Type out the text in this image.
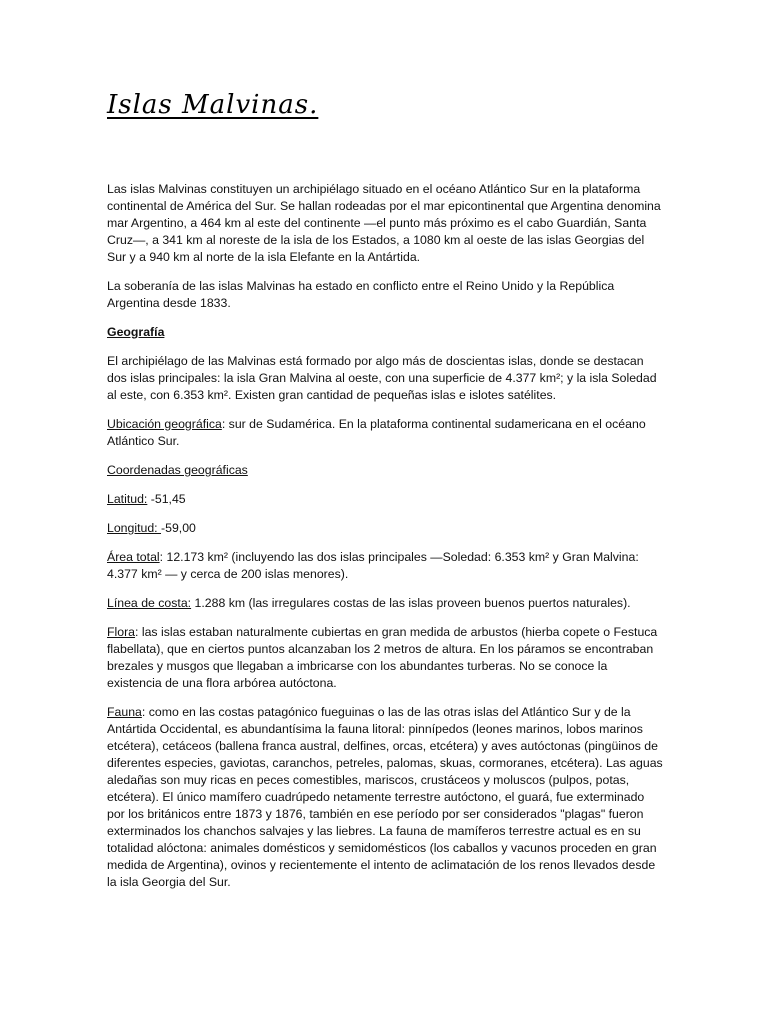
Islas Malvinas.

Las islas Malvinas constituyen un archipiélago situado en el océano Atlántico Sur en la plataforma continental de América del Sur. Se hallan rodeadas por el mar epicontinental que Argentina denomina mar Argentino, a 464 km al este del continente —el punto más próximo es el cabo Guardián, Santa Cruz—, a 341 km al noreste de la isla de los Estados, a 1080 km al oeste de las islas Georgias del Sur y a 940 km al norte de la isla Elefante en la Antártida.

La soberanía de las islas Malvinas ha estado en conflicto entre el Reino Unido y la República Argentina desde 1833.

Geografía

El archipiélago de las Malvinas está formado por algo más de doscientas islas, donde se destacan dos islas principales: la isla Gran Malvina al oeste, con una superficie de 4.377 km²; y la isla Soledad al este, con 6.353 km². Existen gran cantidad de pequeñas islas e islotes satélites.

Ubicación geográfica: sur de Sudamérica. En la plataforma continental sudamericana en el océano Atlántico Sur.

Coordenadas geográficas

Latitud: -51,45

Longitud: -59,00

Área total: 12.173 km² (incluyendo las dos islas principales —Soledad: 6.353 km² y Gran Malvina: 4.377 km² — y cerca de 200 islas menores).

Línea de costa: 1.288 km (las irregulares costas de las islas proveen buenos puertos naturales).

Flora: las islas estaban naturalmente cubiertas en gran medida de arbustos (hierba copete o Festuca flabellata), que en ciertos puntos alcanzaban los 2 metros de altura. En los páramos se encontraban brezales y musgos que llegaban a imbricarse con los abundantes turberas. No se conoce la existencia de una flora arbórea autóctona.

Fauna: como en las costas patagónico fueguinas o las de las otras islas del Atlántico Sur y de la Antártida Occidental, es abundantísima la fauna litoral: pinnípedos (leones marinos, lobos marinos etcétera), cetáceos (ballena franca austral, delfines, orcas, etcétera) y aves autóctonas (pingüinos de diferentes especies, gaviotas, caranchos, petreles, palomas, skuas, cormoranes, etcétera). Las aguas aledañas son muy ricas en peces comestibles, mariscos, crustáceos y moluscos (pulpos, potas, etcétera). El único mamífero cuadrúpedo netamente terrestre autóctono, el guará, fue exterminado por los británicos entre 1873 y 1876, también en ese período por ser considerados "plagas" fueron exterminados los chanchos salvajes y las liebres. La fauna de mamíferos terrestre actual es en su totalidad alóctona: animales domésticos y semidomésticos (los caballos y vacunos proceden en gran medida de Argentina), ovinos y recientemente el intento de aclimatación de los renos llevados desde la isla Georgia del Sur.
